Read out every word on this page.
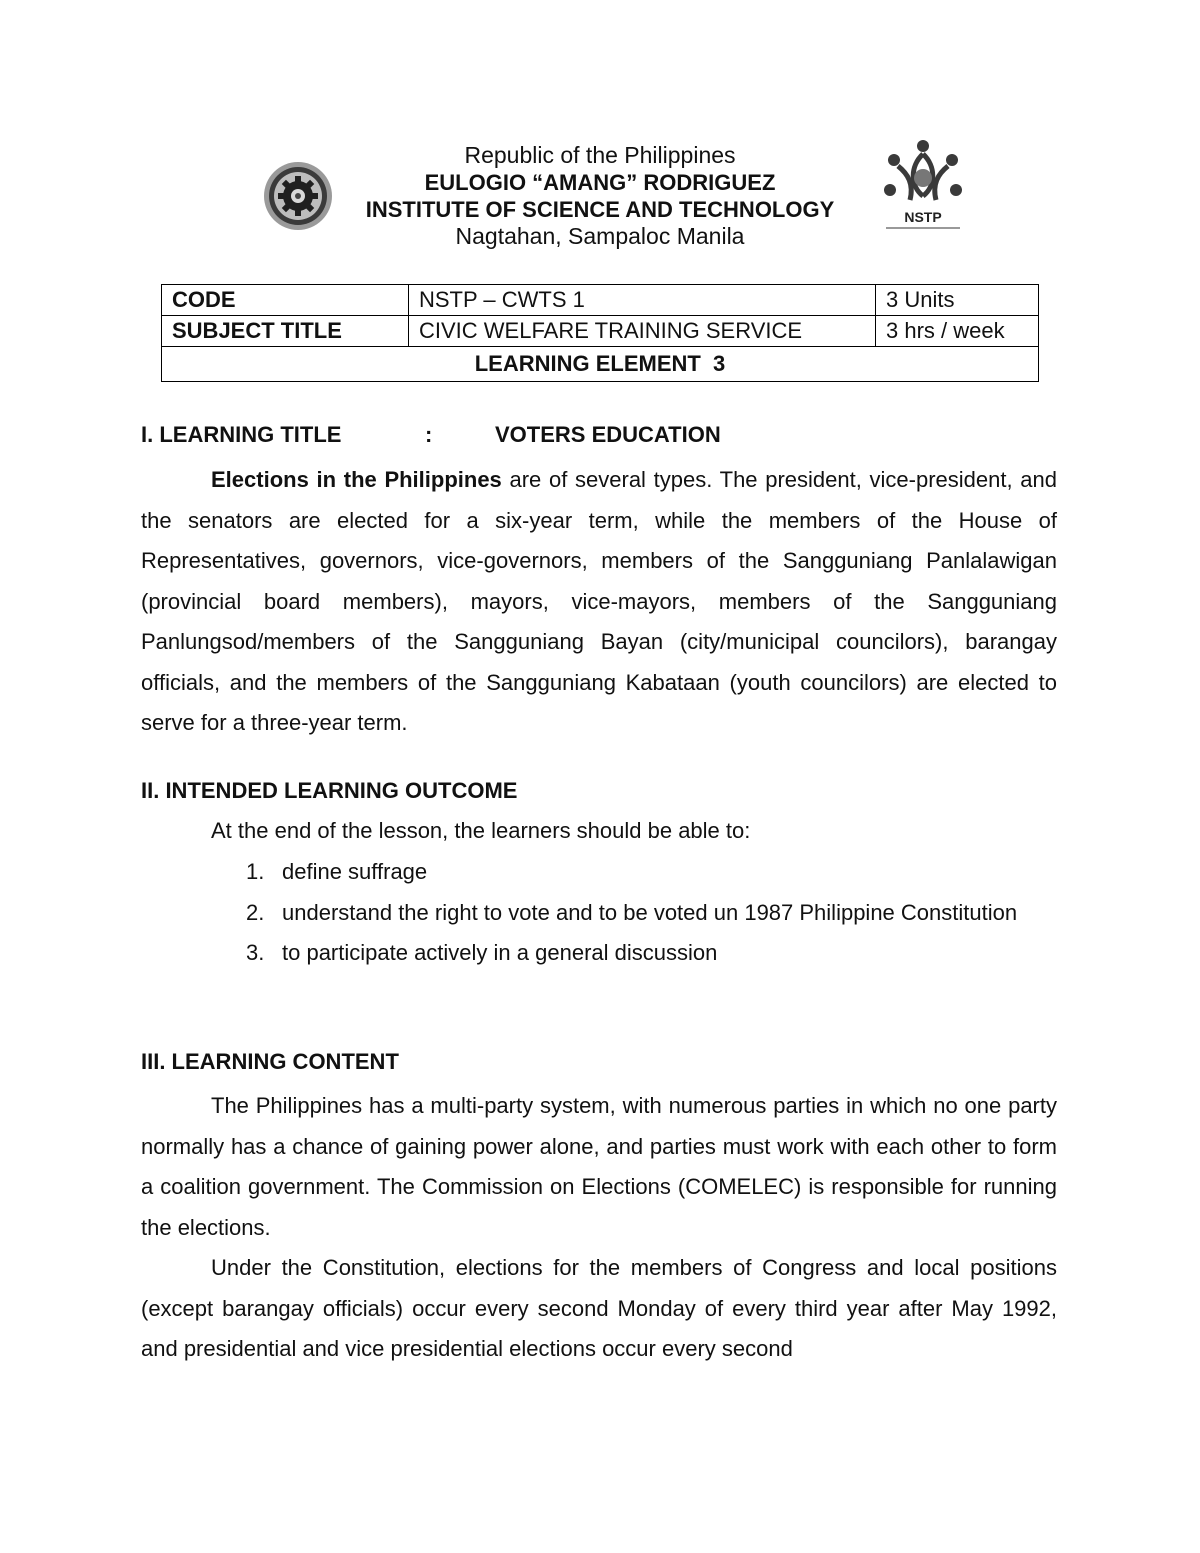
Republic of the Philippines
EULOGIO “AMANG” RODRIGUEZ
INSTITUTE OF SCIENCE AND TECHNOLOGY
Nagtahan, Sampaloc Manila
NSTP
CODE	NSTP – CWTS 1	3 Units
SUBJECT TITLE	CIVIC WELFARE TRAINING SERVICE	3 hrs / week
LEARNING ELEMENT  3		
I. LEARNING TITLE	:	VOTERS EDUCATION
Elections in the Philippines are of several types. The president, vice-president, and the senators are elected for a six-year term, while the members of the House of Representatives, governors, vice-governors, members of the Sangguniang Panlalawigan (provincial board members), mayors, vice-mayors, members of the Sangguniang Panlungsod/members of the Sangguniang Bayan (city/municipal councilors), barangay officials, and the members of the Sangguniang Kabataan (youth councilors) are elected to serve for a three-year term.
II. INTENDED LEARNING OUTCOME
At the end of the lesson, the learners should be able to:
1. define suffrage
2. understand the right to vote and to be voted un 1987 Philippine Constitution
3. to participate actively in a general discussion
III. LEARNING CONTENT
The Philippines has a multi-party system, with numerous parties in which no one party normally has a chance of gaining power alone, and parties must work with each other to form a coalition government. The Commission on Elections (COMELEC) is responsible for running the elections.
Under the Constitution, elections for the members of Congress and local positions (except barangay officials) occur every second Monday of every third year after May 1992, and presidential and vice presidential elections occur every second
